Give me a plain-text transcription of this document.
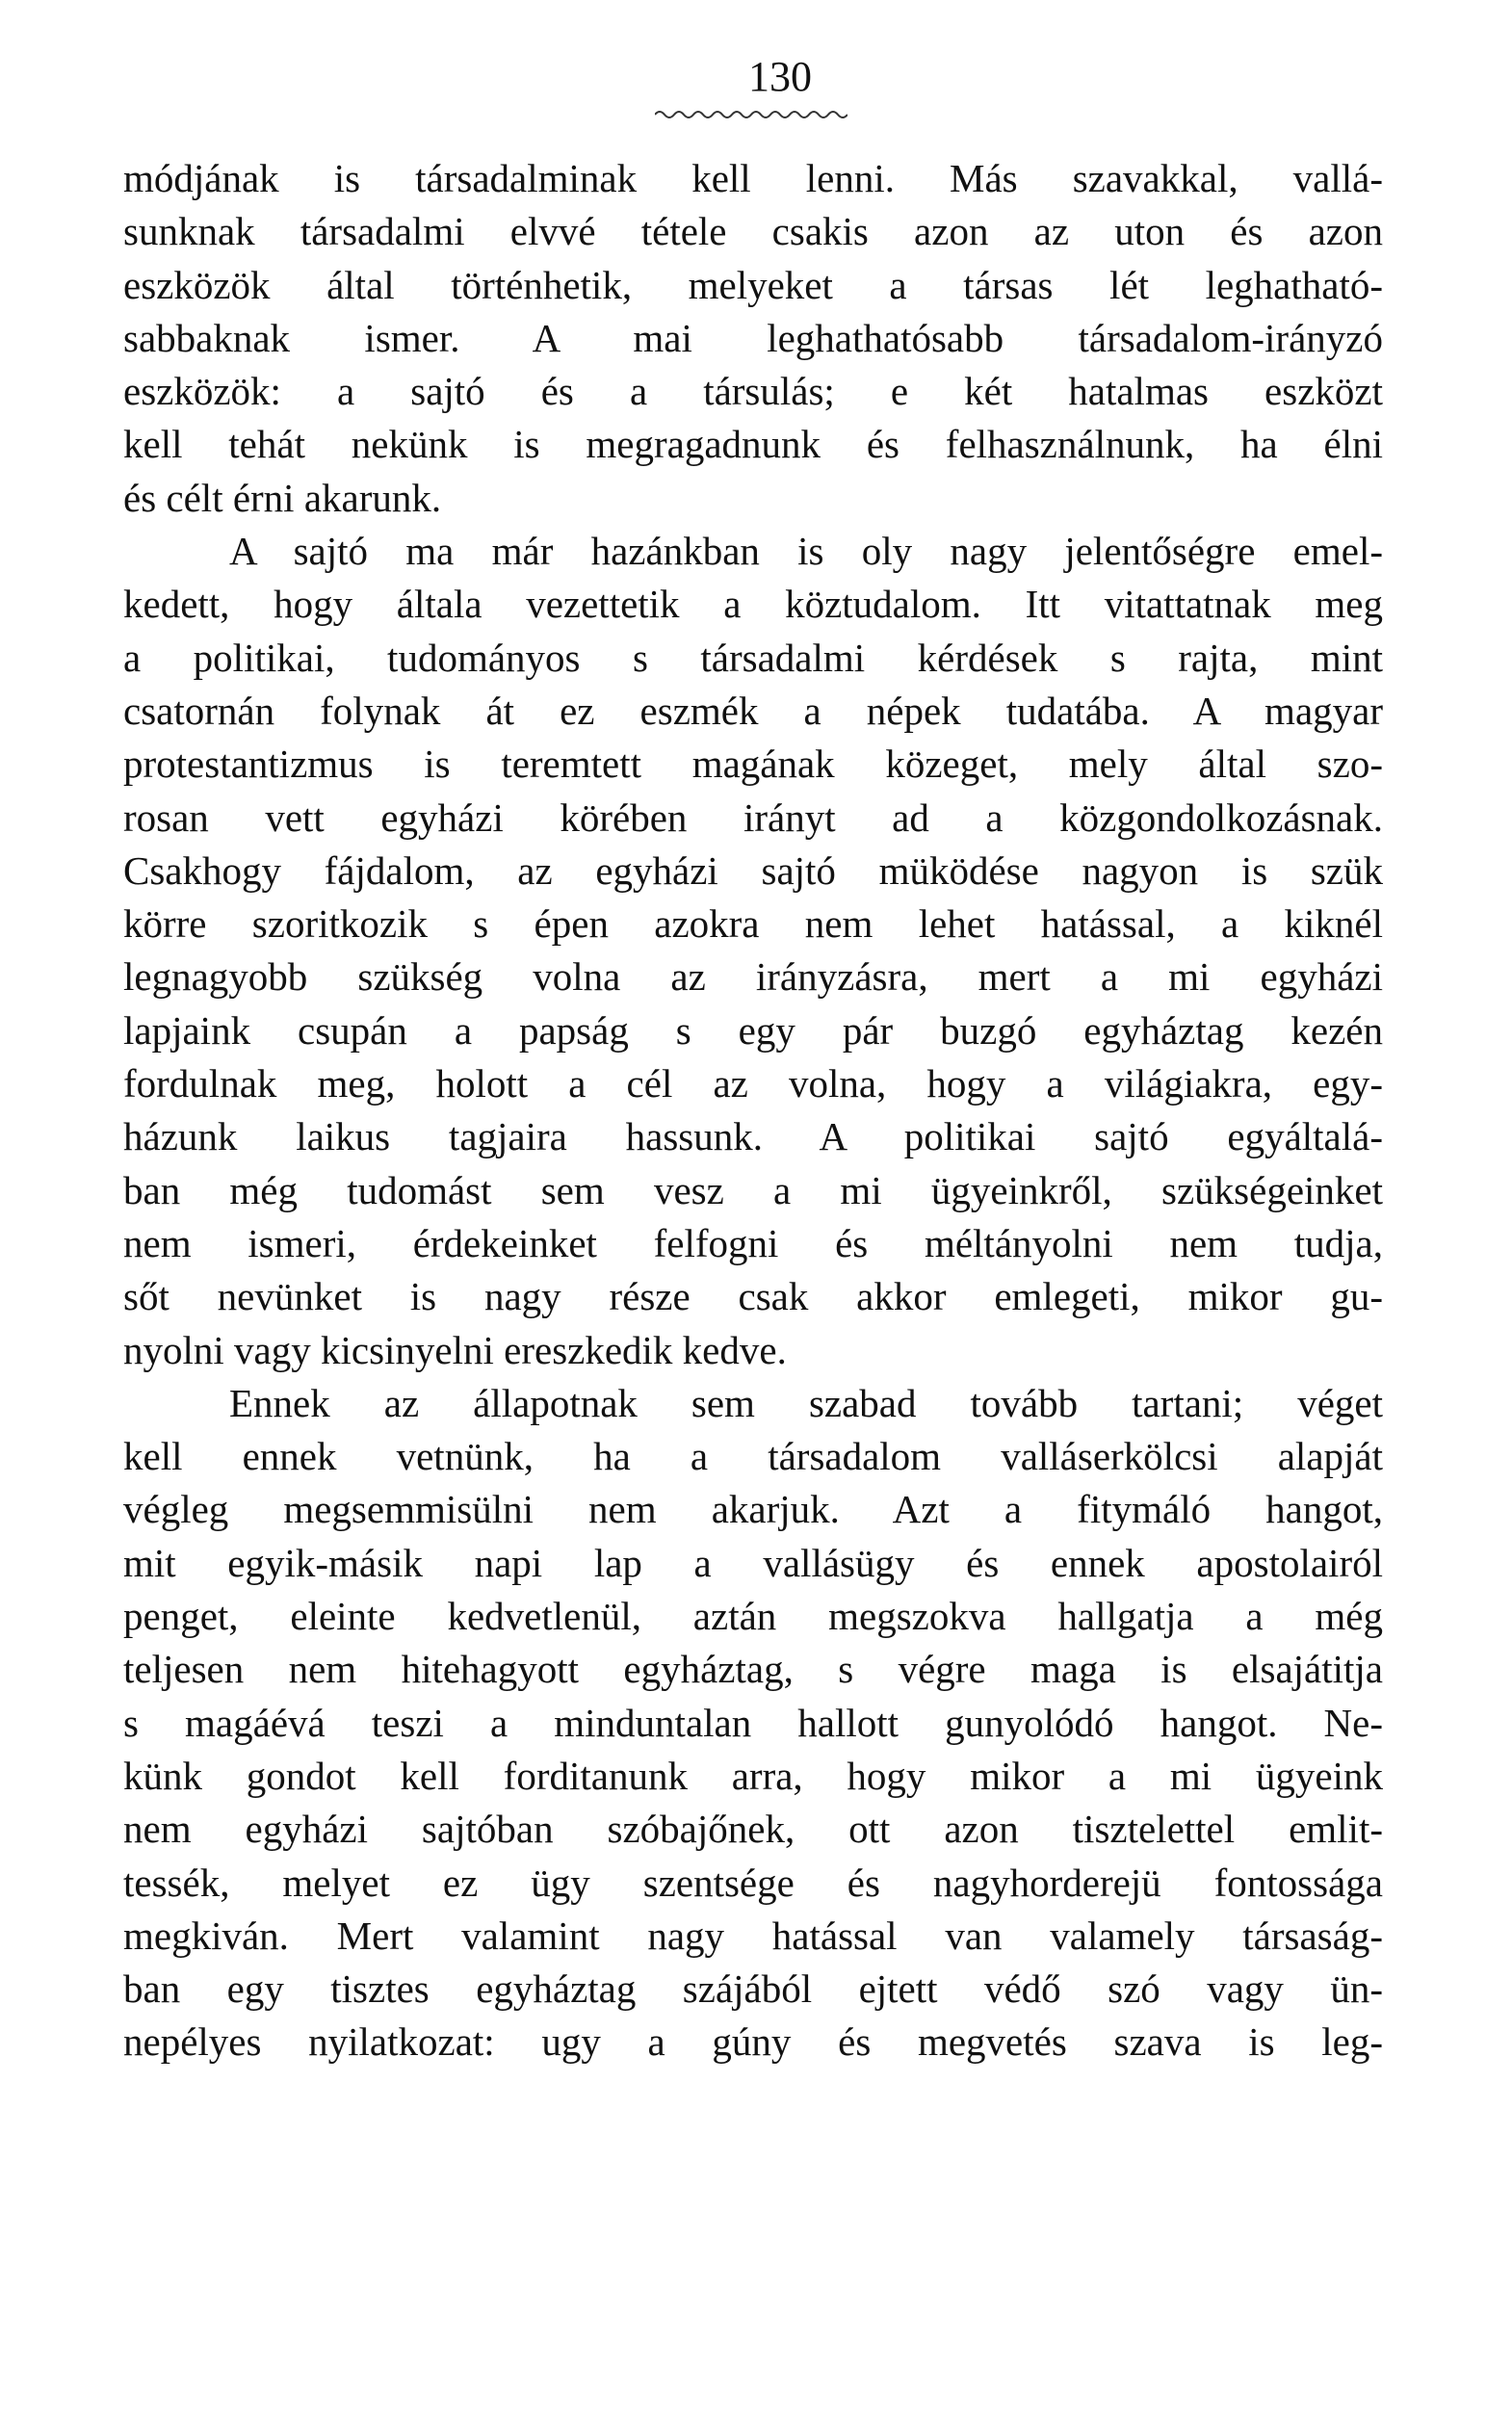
130
módjának is társadalminak kell lenni. Más szavakkal, vallá-
sunknak társadalmi elvvé tétele csakis azon az uton és azon
eszközök által történhetik, melyeket a társas lét leghatható-
sabbaknak ismer. A mai leghathatósabb társadalom-irányzó
eszközök: a sajtó és a társulás; e két hatalmas eszközt
kell tehát nekünk is megragadnunk és felhasználnunk, ha élni
és célt érni akarunk.
A sajtó ma már hazánkban is oly nagy jelentőségre emel-
kedett, hogy általa vezettetik a köztudalom. Itt vitattatnak meg
a politikai, tudományos s társadalmi kérdések s rajta, mint
csatornán folynak át ez eszmék a népek tudatába. A magyar
protestantizmus is teremtett magának közeget, mely által szo-
rosan vett egyházi körében irányt ad a közgondolkozásnak.
Csakhogy fájdalom, az egyházi sajtó müködése nagyon is szük
körre szoritkozik s épen azokra nem lehet hatással, a kiknél
legnagyobb szükség volna az irányzásra, mert a mi egyházi
lapjaink csupán a papság s egy pár buzgó egyháztag kezén
fordulnak meg, holott a cél az volna, hogy a világiakra, egy-
házunk laikus tagjaira hassunk. A politikai sajtó egyáltalá-
ban még tudomást sem vesz a mi ügyeinkről, szükségeinket
nem ismeri, érdekeinket felfogni és méltányolni nem tudja,
sőt nevünket is nagy része csak akkor emlegeti, mikor gu-
nyolni vagy kicsinyelni ereszkedik kedve.
Ennek az állapotnak sem szabad tovább tartani; véget
kell ennek vetnünk, ha a társadalom valláserkölcsi alapját
végleg megsemmisülni nem akarjuk. Azt a fitymáló hangot,
mit egyik-másik napi lap a vallásügy és ennek apostolairól
penget, eleinte kedvetlenül, aztán megszokva hallgatja a még
teljesen nem hitehagyott egyháztag, s végre maga is elsajátitja
s magáévá teszi a minduntalan hallott gunyolódó hangot. Ne-
künk gondot kell forditanunk arra, hogy mikor a mi ügyeink
nem egyházi sajtóban szóbajőnek, ott azon tisztelettel emlit-
tessék, melyet ez ügy szentsége és nagyhorderejü fontossága
megkiván. Mert valamint nagy hatással van valamely társaság-
ban egy tisztes egyháztag szájából ejtett védő szó vagy ün-
nepélyes nyilatkozat: ugy a gúny és megvetés szava is leg-
